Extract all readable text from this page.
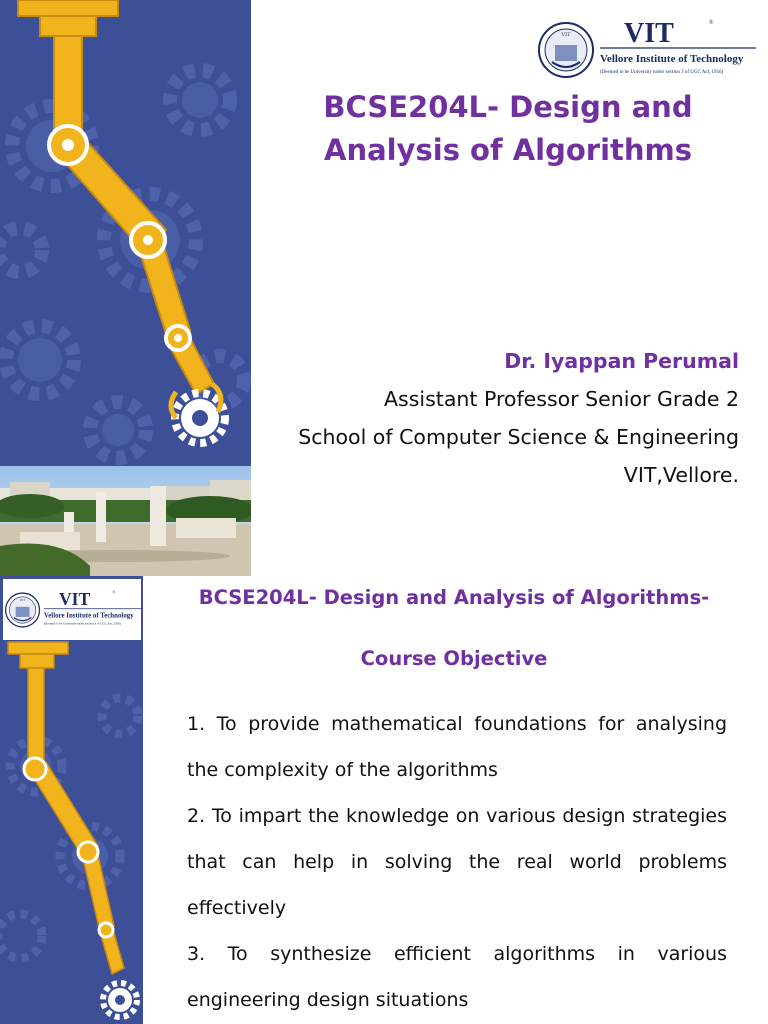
VIT VIT	®
Vellore Institute of Technology
(Deemed to be University under section 3 of UGC Act, 1956)
BCSE204L- Design and
Analysis of Algorithms
Dr. Iyappan Perumal
Assistant Professor Senior Grade 2
School of Computer Science & Engineering
VIT,Vellore.
VIT VIT	®
Vellore Institute of Technology
(Deemed to be University under section 3 of UGC Act, 1956)
BCSE204L- Design and Analysis of Algorithms-
Course Objective
1. To provide mathematical foundations for analysing the complexity of the algorithms
2. To impart the knowledge on various design strategies that can help in solving the real world problems effectively
3. To synthesize efficient algorithms in various engineering design situations
